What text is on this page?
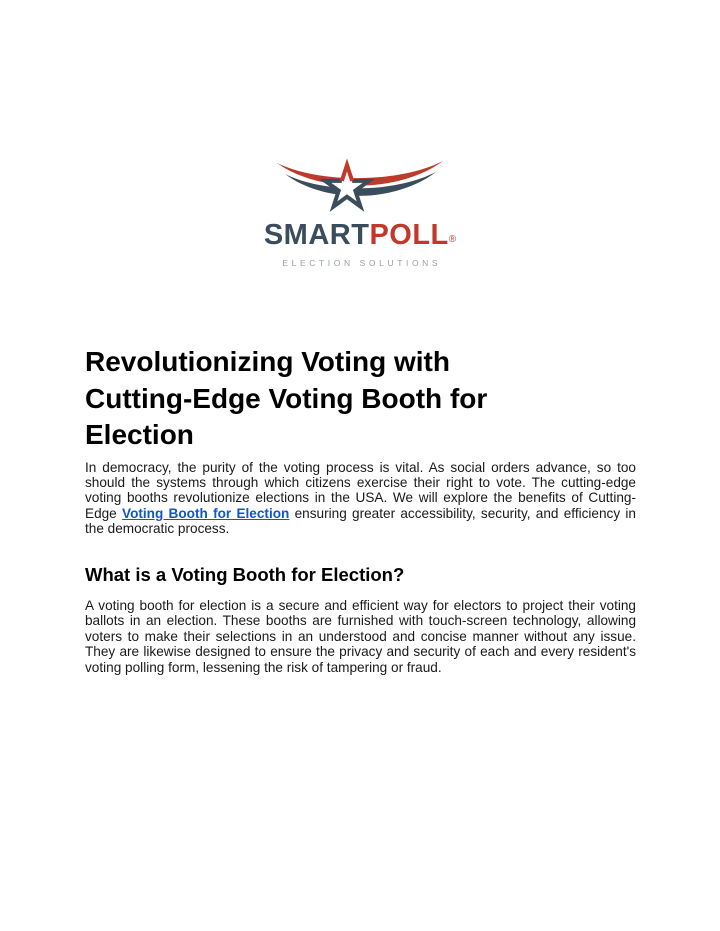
SMARTPOLL®
ELECTION SOLUTIONS
Revolutionizing Voting with
Cutting-Edge Voting Booth for
Election

In democracy, the purity of the voting process is vital. As social orders advance, so too should the systems through which citizens exercise their right to vote. The cutting-edge voting booths revolutionize elections in the USA. We will explore the benefits of Cutting-Edge Voting Booth for Election ensuring greater accessibility, security, and efficiency in the democratic process.

What is a Voting Booth for Election?

A voting booth for election is a secure and efficient way for electors to project their voting ballots in an election. These booths are furnished with touch-screen technology, allowing voters to make their selections in an understood and concise manner without any issue. They are likewise designed to ensure the privacy and security of each and every resident's voting polling form, lessening the risk of tampering or fraud.
